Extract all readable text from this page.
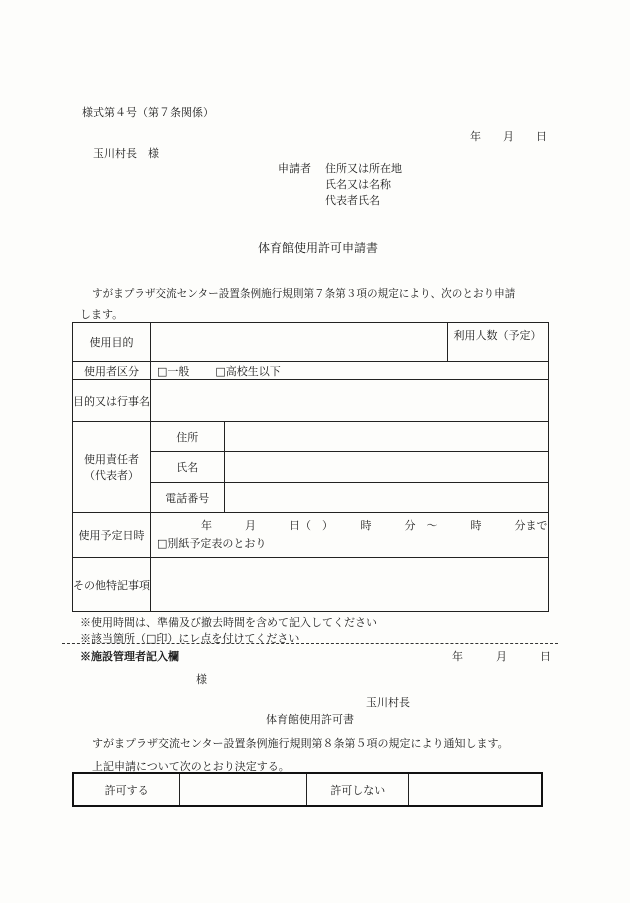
様式第４号（第７条関係）
年　　月　　日
玉川村長　様
申請者 住所又は所在地
氏名又は名称
代表者氏名
体育館使用許可申請書
すがまプラザ交流センター設置条例施行規則第７条第３項の規定により、次のとおり申請
します。
使用目的			利用人数（予定）
使用者区分	□一般 □高校生以下		
目的又は行事名			

使用責任者
（代表者）	住所		
	氏名		
	電話番号		
使用予定日時	年　　　月　　　日（　）　　　時　　　分　～　　　時　　　分まで
□別紙予定表のとおり		

その他特記事項			
※使用時間は、準備及び撤去時間を含めて記入してください
※該当箇所（□印）にレ点を付けてください
※施設管理者記入欄	年　　　月　　　日
様
玉川村長
体育館使用許可書
すがまプラザ交流センター設置条例施行規則第８条第５項の規定により通知します。
上記申請について次のとおり決定する。
許可する		許可しない	
